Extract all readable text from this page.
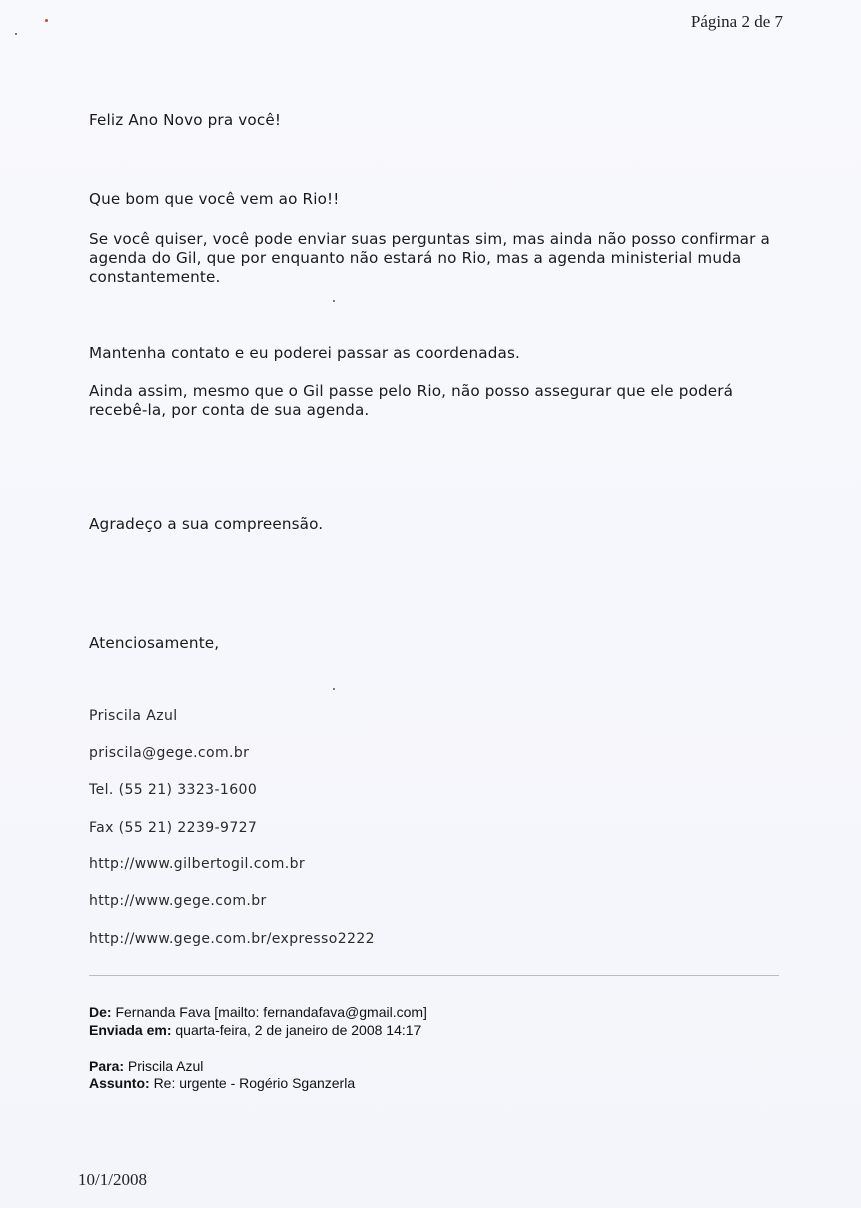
Página 2 de 7

Feliz Ano Novo pra você!

Que bom que você vem ao Rio!!

Se você quiser, você pode enviar suas perguntas sim, mas ainda não posso confirmar a agenda do Gil, que por enquanto não estará no Rio, mas a agenda ministerial muda constantemente.

Mantenha contato e eu poderei passar as coordenadas.

Ainda assim, mesmo que o Gil passe pelo Rio, não posso assegurar que ele poderá recebê-la, por conta de sua agenda.

Agradeço a sua compreensão.

Atenciosamente,

Priscila Azul

priscila@gege.com.br

Tel. (55 21) 3323-1600

Fax (55 21) 2239-9727

http://www.gilbertogil.com.br

http://www.gege.com.br

http://www.gege.com.br/expresso2222

De: Fernanda Fava [mailto: fernandafava@gmail.com]

Enviada em: quarta-feira, 2 de janeiro de 2008 14:17

Para: Priscila Azul

Assunto: Re: urgente - Rogério Sganzerla

10/1/2008
